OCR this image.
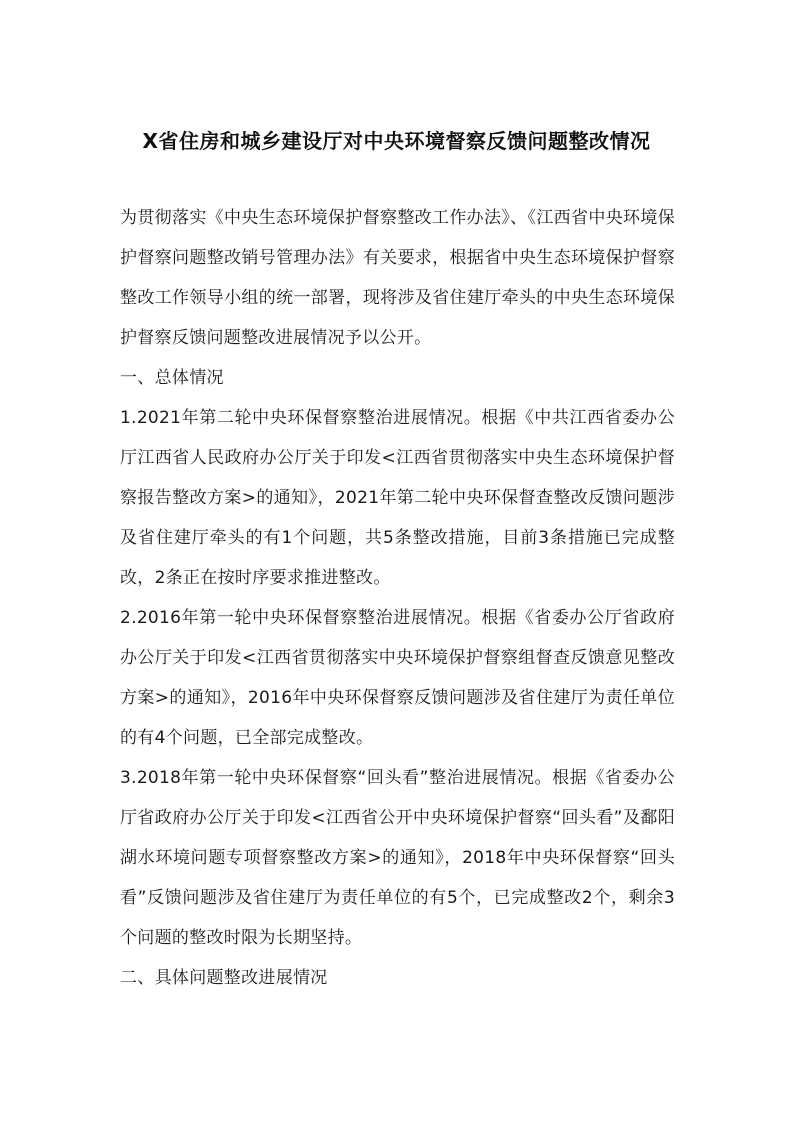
X省住房和城乡建设厅对中央环境督察反馈问题整改情况

为贯彻落实《中央生态环境保护督察整改工作办法》、《江西省中央环境保护督察问题整改销号管理办法》有关要求，根据省中央生态环境保护督察整改工作领导小组的统一部署，现将涉及省住建厅牵头的中央生态环境保护督察反馈问题整改进展情况予以公开。

一、总体情况

1.2021年第二轮中央环保督察整治进展情况。根据《中共江西省委办公厅江西省人民政府办公厅关于印发<江西省贯彻落实中央生态环境保护督察报告整改方案>的通知》，2021年第二轮中央环保督查整改反馈问题涉及省住建厅牵头的有1个问题，共5条整改措施，目前3条措施已完成整改，2条正在按时序要求推进整改。

2.2016年第一轮中央环保督察整治进展情况。根据《省委办公厅省政府办公厅关于印发<江西省贯彻落实中央环境保护督察组督查反馈意见整改方案>的通知》，2016年中央环保督察反馈问题涉及省住建厅为责任单位的有4个问题，已全部完成整改。

3.2018年第一轮中央环保督察“回头看”整治进展情况。根据《省委办公厅省政府办公厅关于印发<江西省公开中央环境保护督察“回头看”及鄱阳湖水环境问题专项督察整改方案>的通知》，2018年中央环保督察“回头看”反馈问题涉及省住建厅为责任单位的有5个，已完成整改2个，剩余3个问题的整改时限为长期坚持。

二、具体问题整改进展情况
